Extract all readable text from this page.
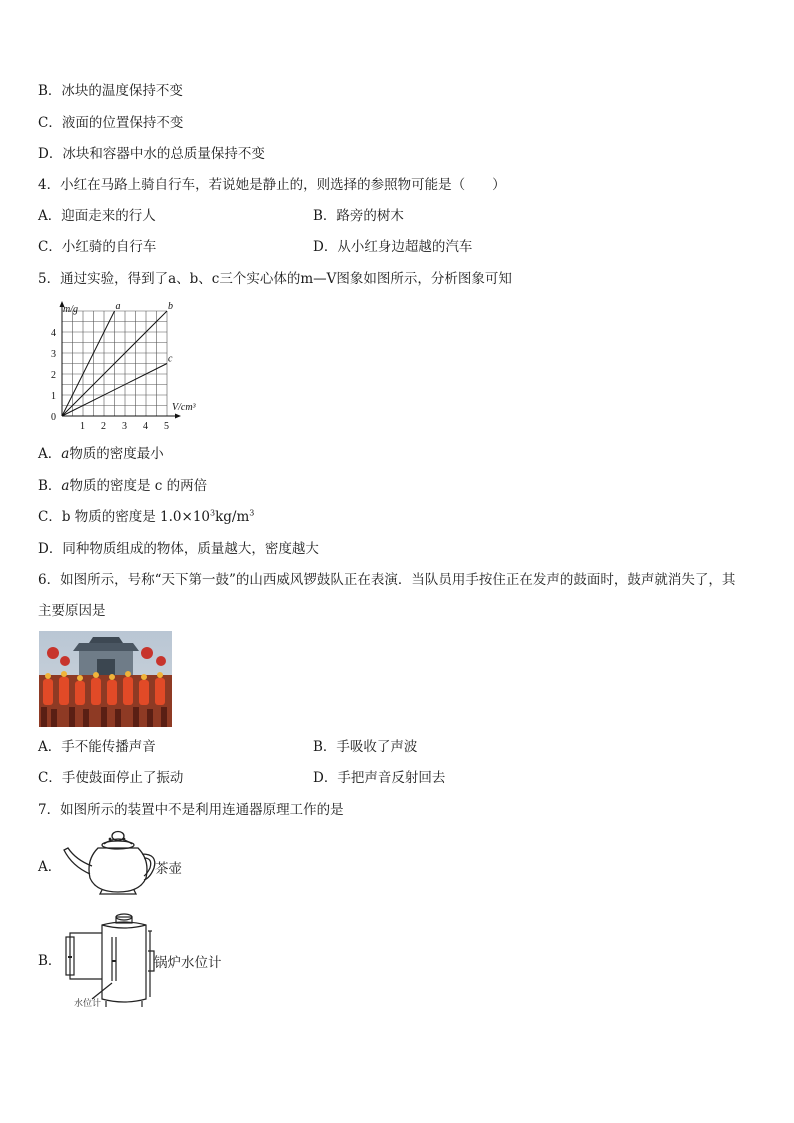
B．冰块的温度保持不变
C．液面的位置保持不变
D．冰块和容器中水的总质量保持不变
4．小红在马路上骑自行车，若说她是静止的，则选择的参照物可能是（　　）
A．迎面走来的行人	B．路旁的树木
C．小红骑的自行车	D．从小红身边超越的汽车
5．通过实验，得到了a、b、c三个实心体的m—V图象如图所示，分析图象可知
a	b
c
1 2 3 4 5
0
1
2
3
4
m/g
V/cm³
A．a物质的密度最小
B．a物质的密度是 c 的两倍
C．b 物质的密度是 $1.0\times 10^3kg/m^3$
D．同种物质组成的物体，质量越大，密度越大
6．如图所示，号称“天下第一鼓”的山西威风锣鼓队正在表演．当队员用手按住正在发声的鼓面时，鼓声就消失了，其
主要原因是
A．手不能传播声音	B．手吸收了声波
C．手使鼓面停止了振动	D．手把声音反射回去
7．如图所示的装置中不是利用连通器原理工作的是
A．	茶壶
B．
水位计
锅炉水位计
